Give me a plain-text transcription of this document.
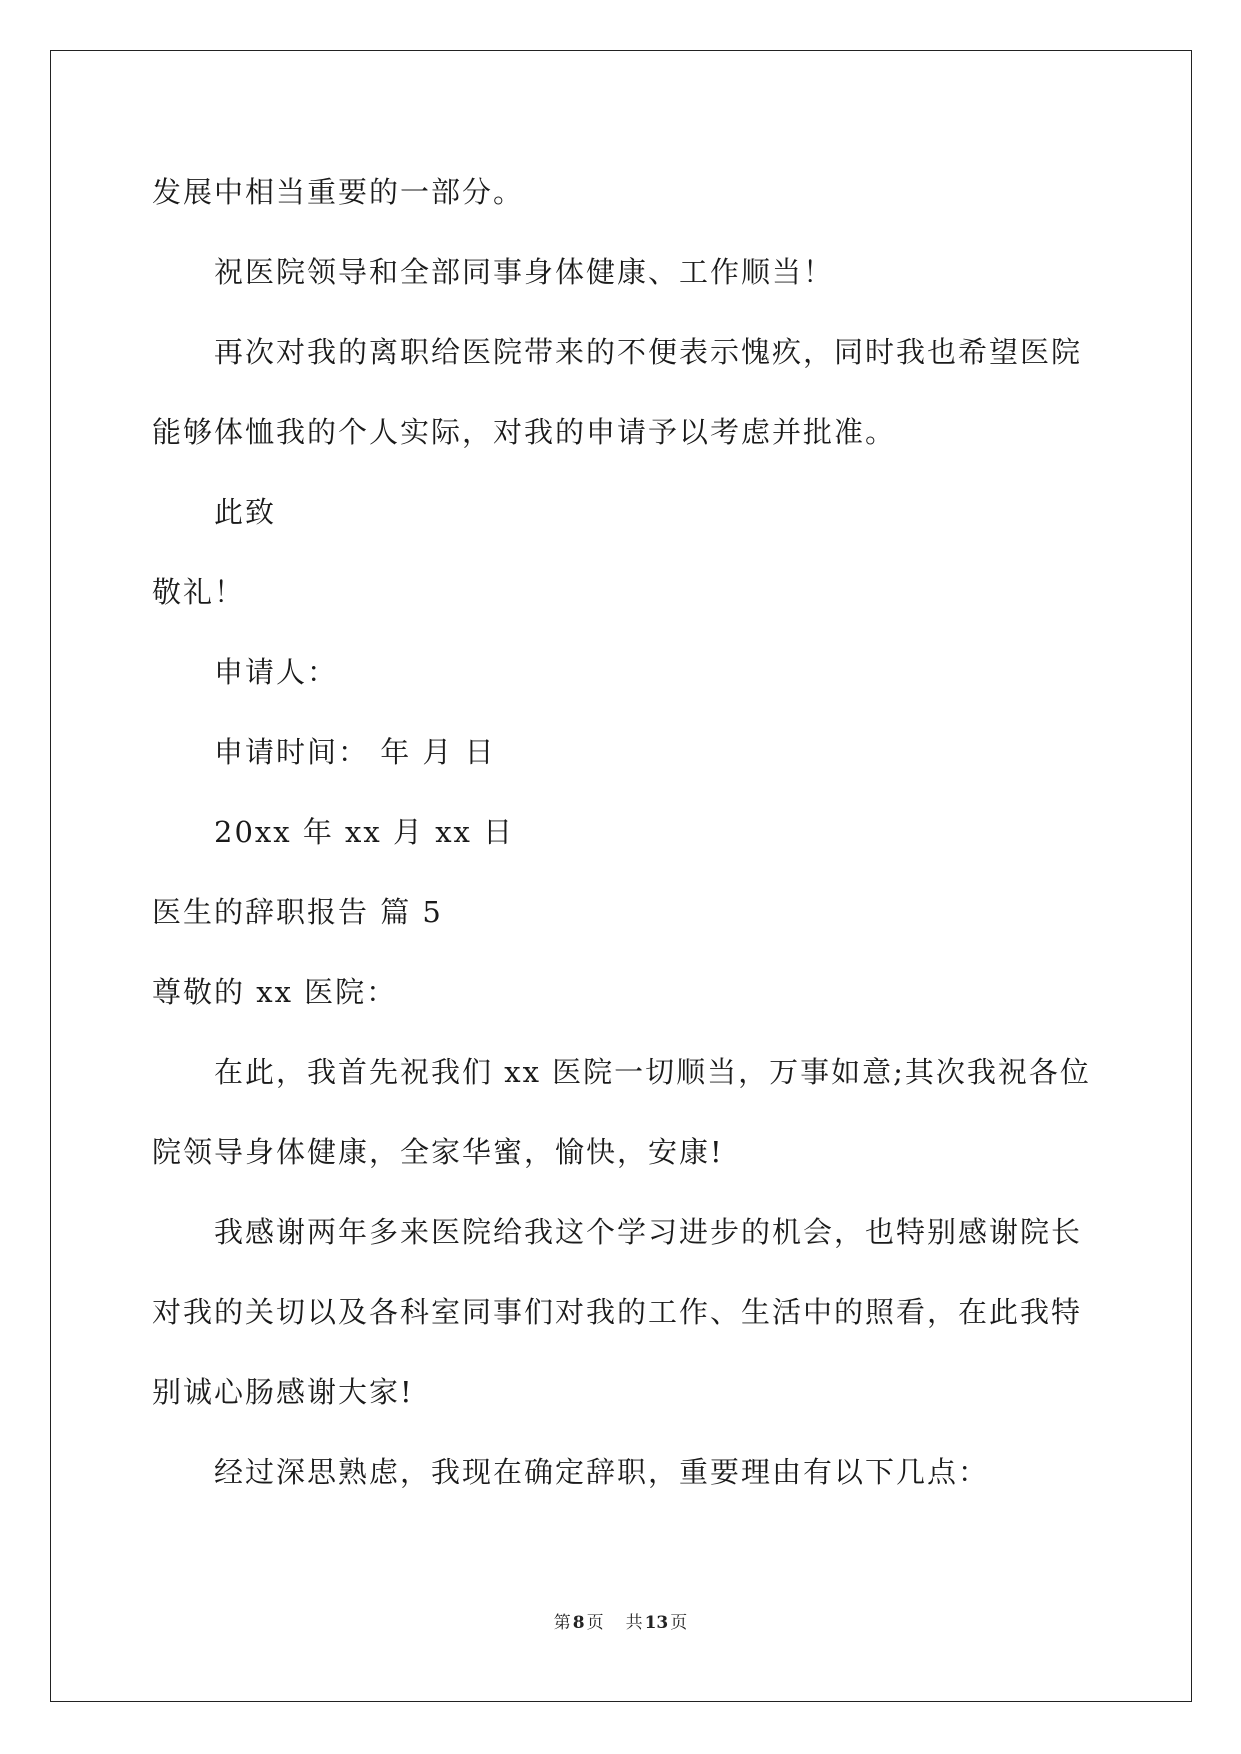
发展中相当重要的一部分。
祝医院领导和全部同事身体健康、工作顺当！
再次对我的离职给医院带来的不便表示愧疚，同时我也希望医院
能够体恤我的个人实际，对我的申请予以考虑并批准。
此致
敬礼！
申请人：
申请时间： 年 月 日
20xx 年 xx 月 xx 日
医生的辞职报告 篇 5
尊敬的 xx 医院：
在此，我首先祝我们 xx 医院一切顺当，万事如意;其次我祝各位
院领导身体健康，全家华蜜，愉快，安康!
我感谢两年多来医院给我这个学习进步的机会，也特别感谢院长
对我的关切以及各科室同事们对我的工作、生活中的照看，在此我特
别诚心肠感谢大家!
经过深思熟虑，我现在确定辞职，重要理由有以下几点：
第 8 页 共 13 页
